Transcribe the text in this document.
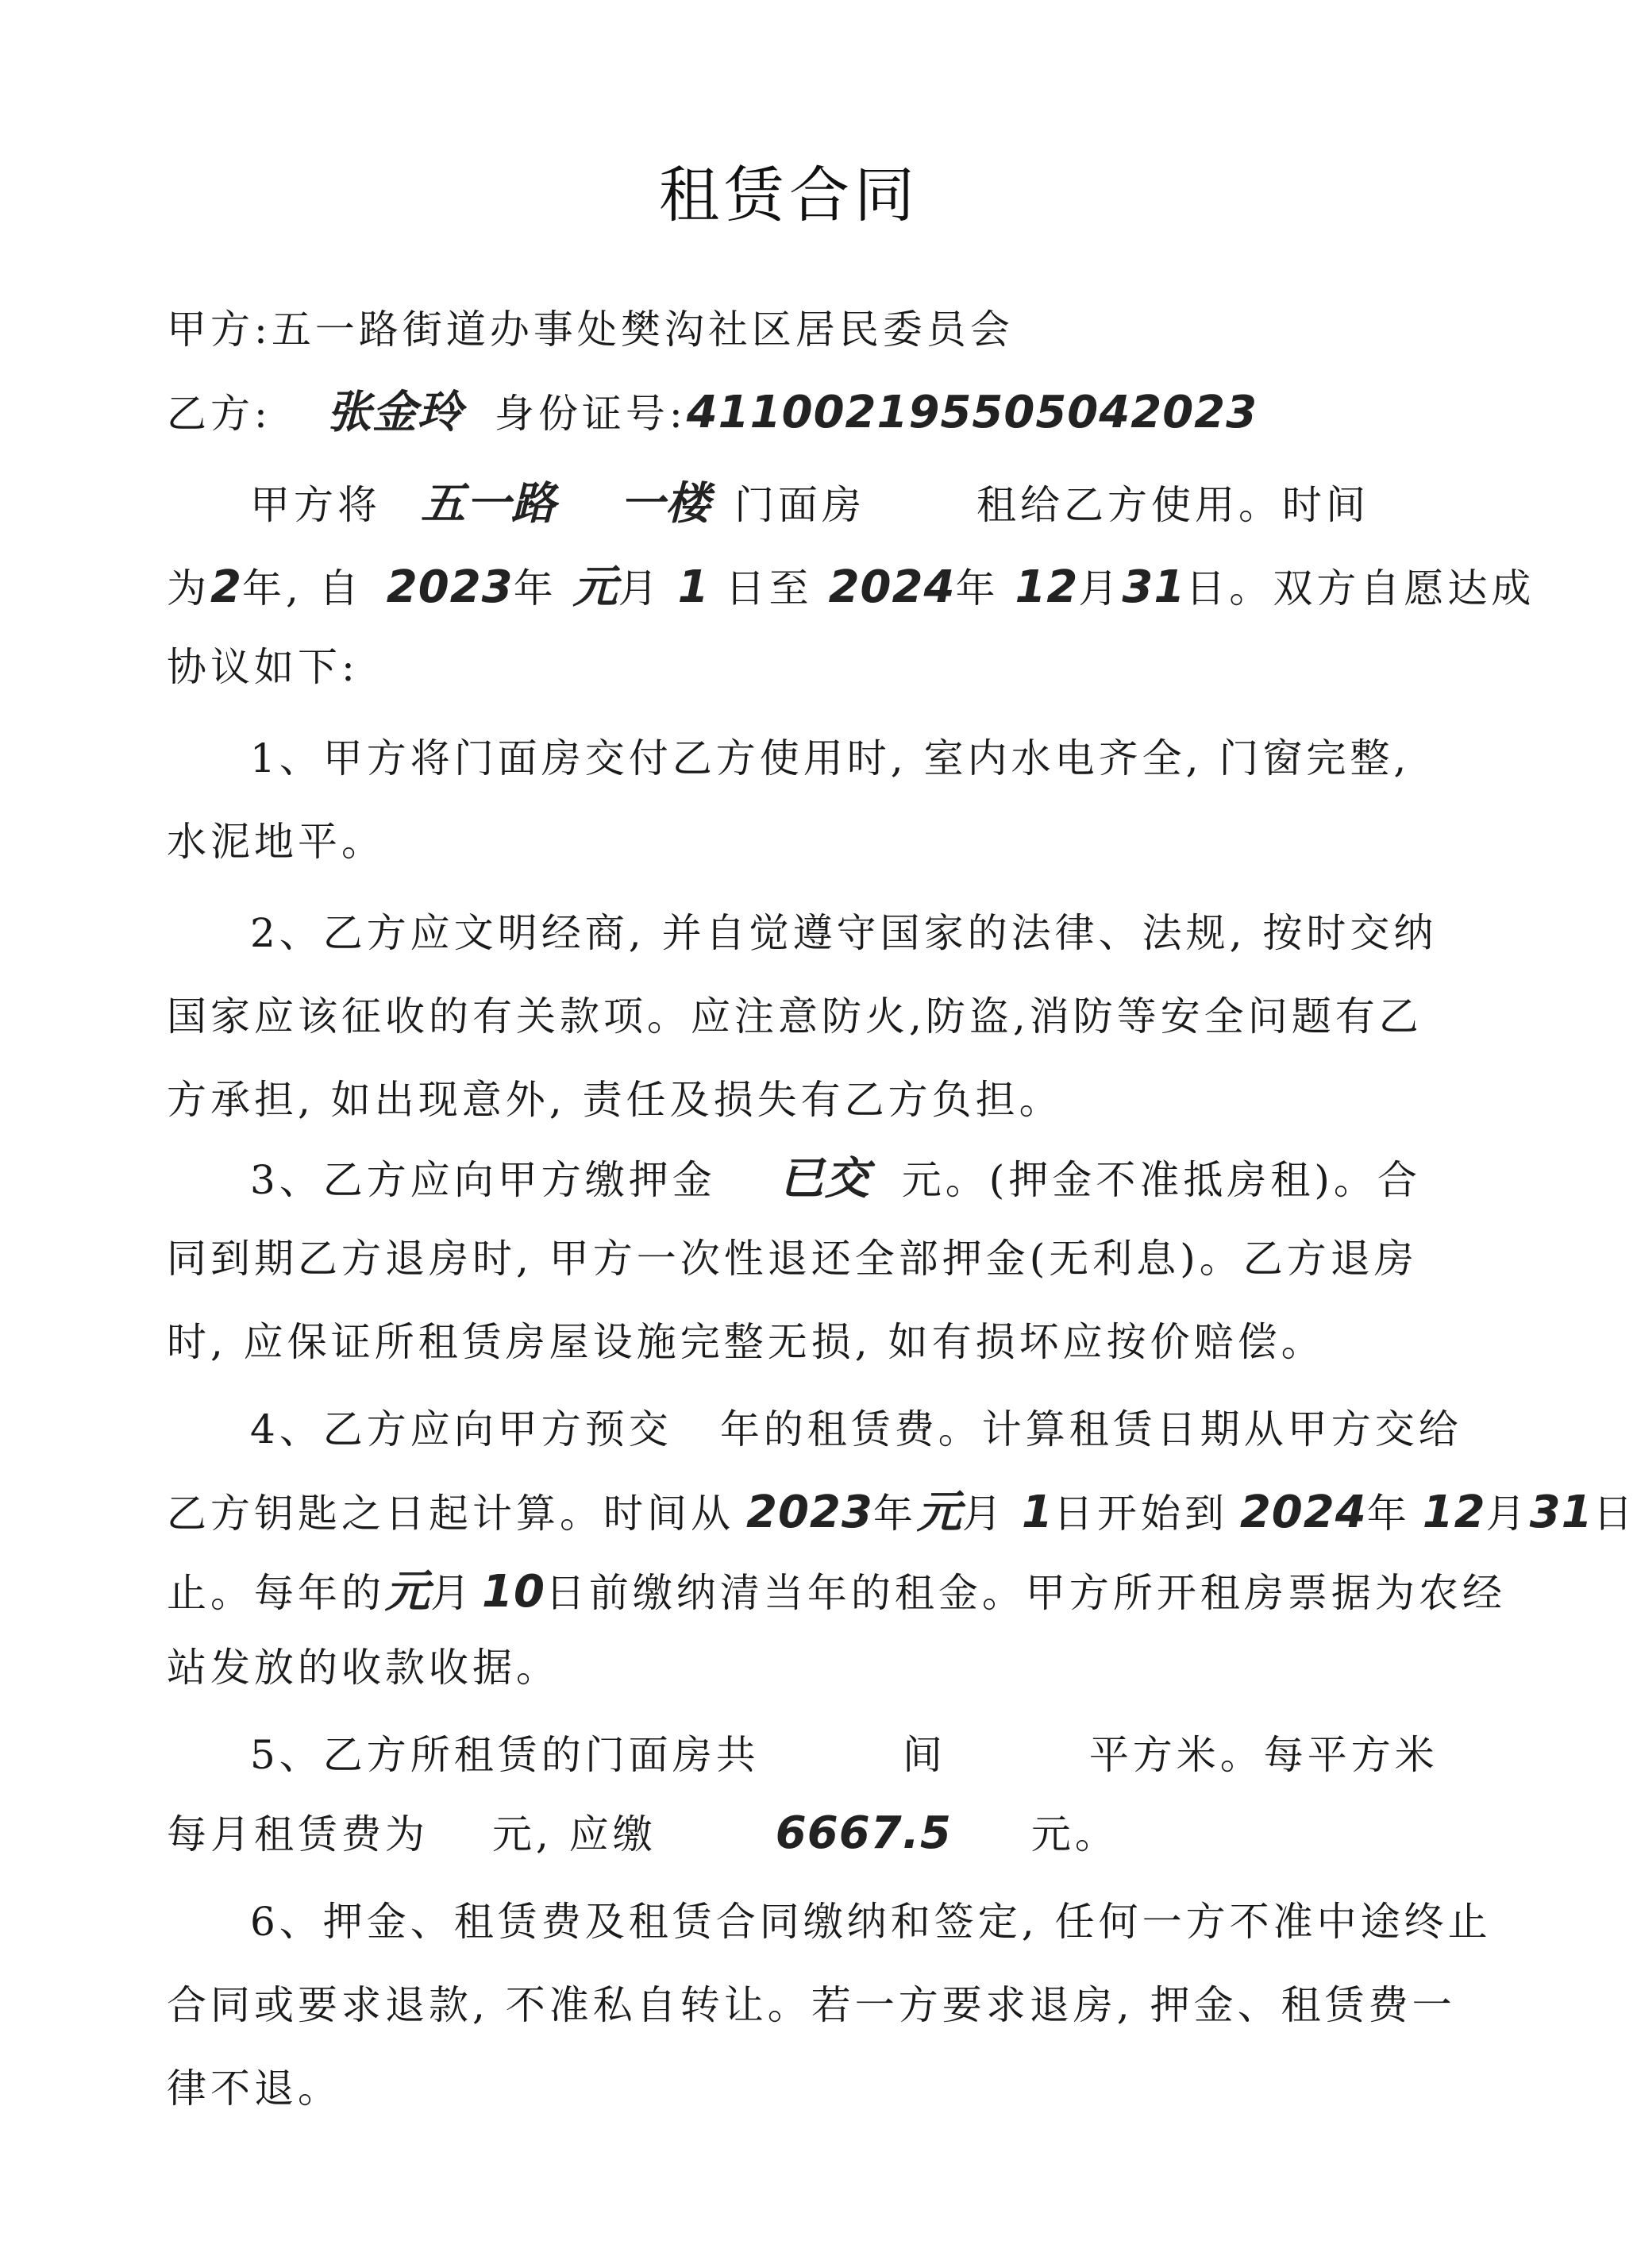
租赁合同
甲方:五一路街道办事处樊沟社区居民委员会
乙方: 张金玲 身份证号:411002195505042023
甲方将 五一路 一楼 门面房	租给乙方使用。时间
为2年, 自 2023年 元月 1 日至 2024年 12月31日。双方自愿达成
协议如下:
1、甲方将门面房交付乙方使用时, 室内水电齐全, 门窗完整,
水泥地平。
2、乙方应文明经商, 并自觉遵守国家的法律、法规, 按时交纳
国家应该征收的有关款项。应注意防火,防盗,消防等安全问题有乙
方承担, 如出现意外, 责任及损失有乙方负担。
3、乙方应向甲方缴押金 已交 元。(押金不准抵房租)。合
同到期乙方退房时, 甲方一次性退还全部押金(无利息)。乙方退房
时, 应保证所租赁房屋设施完整无损, 如有损坏应按价赔偿。
4、乙方应向甲方预交 年的租赁费。计算租赁日期从甲方交给
乙方钥匙之日起计算。时间从 2023年元月 1日开始到 2024年 12月31日
止。每年的元月 10日前缴纳清当年的租金。甲方所开租房票据为农经
站发放的收款收据。
5、乙方所租赁的门面房共	间	平方米。每平方米
每月租赁费为 元, 应缴	6667.5 元。
6、押金、租赁费及租赁合同缴纳和签定, 任何一方不准中途终止
合同或要求退款, 不准私自转让。若一方要求退房, 押金、租赁费一
律不退。
